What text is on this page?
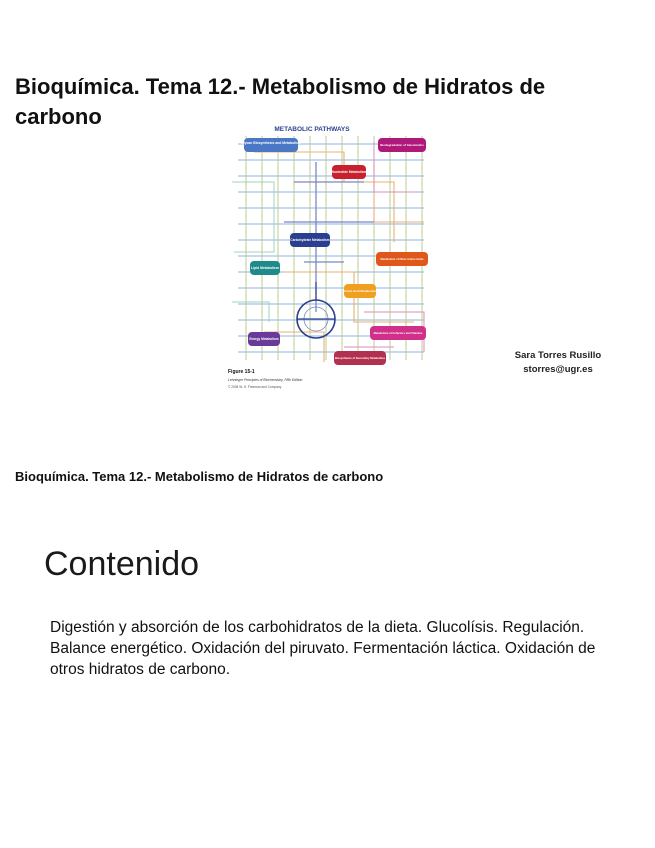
Bioquímica. Tema 12.- Metabolismo de Hidratos de carbono
METABOLIC PATHWAYS
Glycan Biosynthesis and Metabolism	Biodegradation of Xenobiotics
Nucleotide Metabolism
Carbohydrate Metabolism
Lipid Metabolism
Metabolism of Other Amino Acids
Amino Acid Metabolism
Energy Metabolism
Metabolism of Cofactors and Vitamins
Biosynthesis of Secondary Metabolites
Figure 15-1
Lehninger Principles of Biochemistry, Fifth Edition
© 2008 W. H. Freeman and Company
Sara Torres Rusillo
storres@ugr.es
Bioquímica. Tema 12.- Metabolismo de Hidratos de carbono
Contenido
Digestión y absorción de los carbohidratos de la dieta. Glucolísis. Regulación. Balance energético. Oxidación del piruvato. Fermentación láctica. Oxidación de otros hidratos de carbono.
